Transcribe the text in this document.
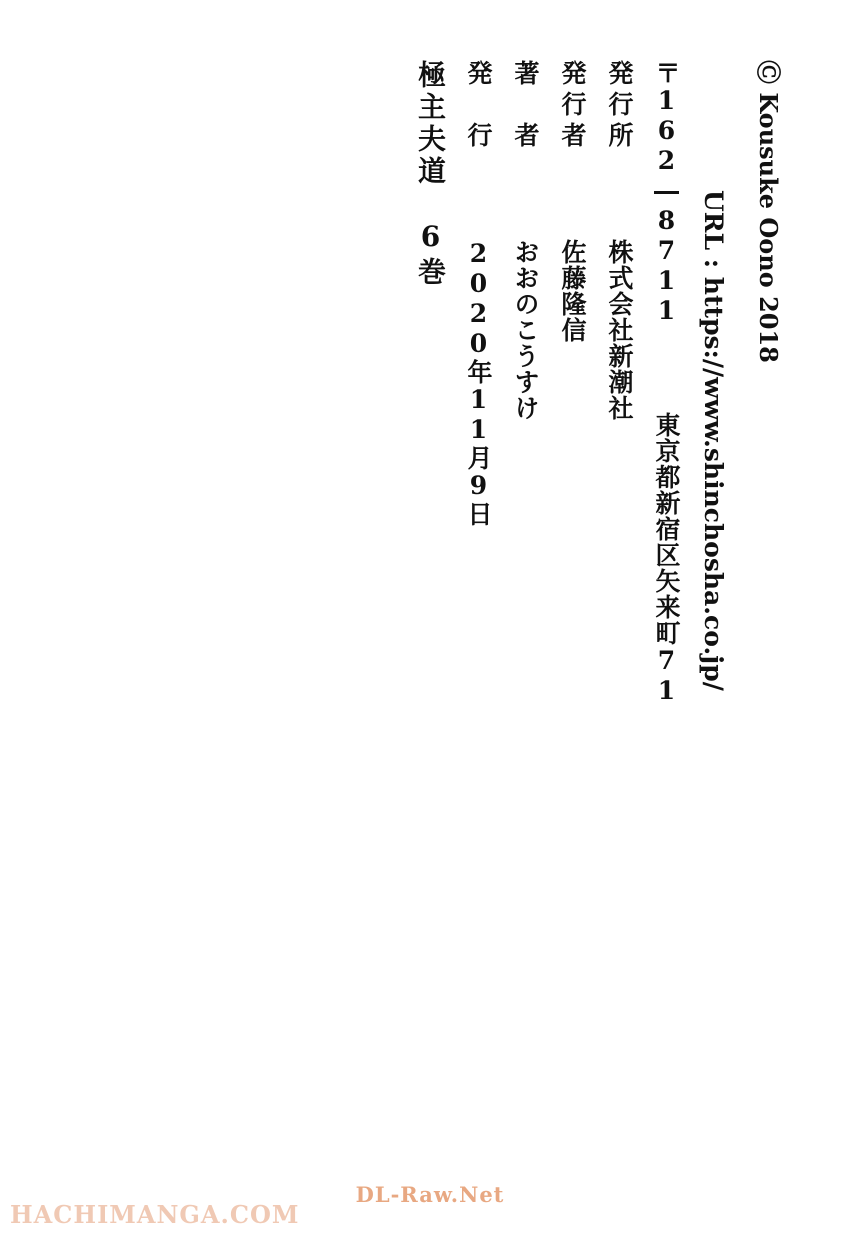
極主夫道　6巻 発　行 　 2020年11月9日
著　者 　 おおのこうすけ
発行者 　 佐藤隆信
発行所 　 株式会社新潮社
〒162―8711 　 東京都新宿区矢来町71 URL : https://www.shinchosha.co.jp/ Ⓒ Kousuke Oono 2018
HACHIMANGA.COM
DL-Raw.Net
